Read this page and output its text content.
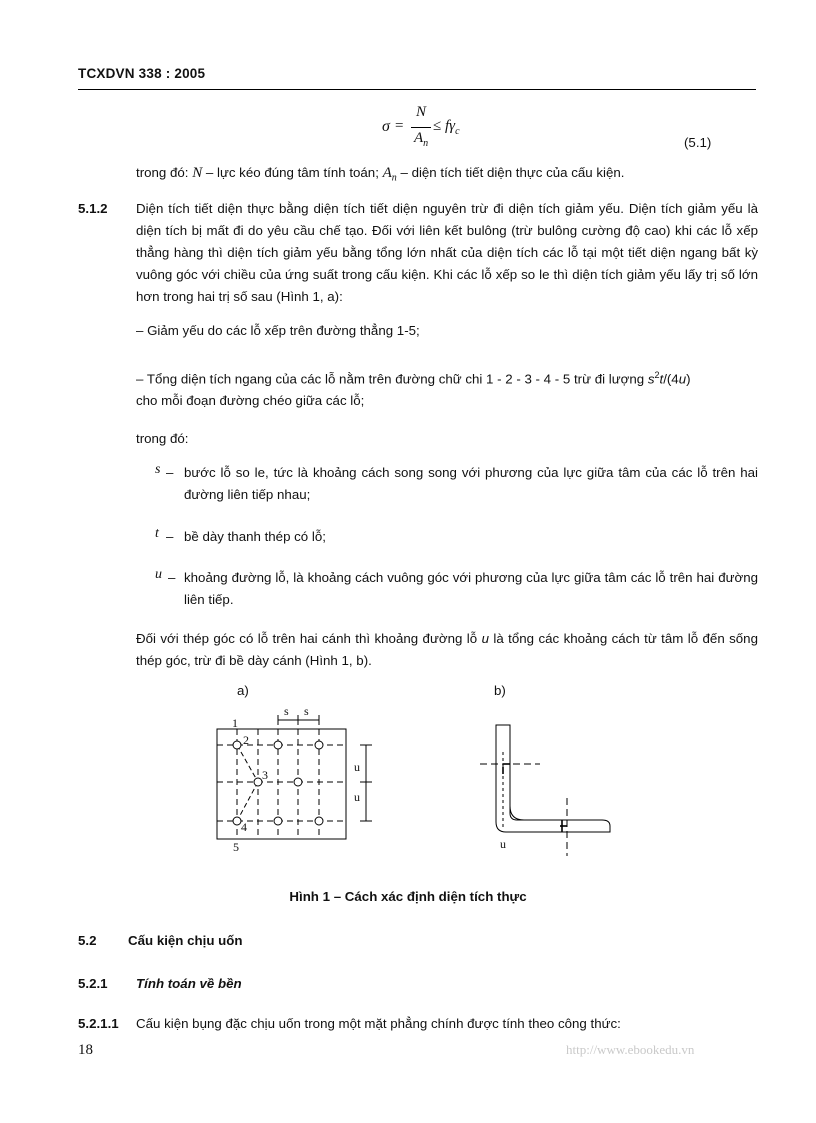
TCXDVN 338 : 2005
σ =
N
$A_n$
≤ $f\gamma_c$
(5.1)
trong đó: N – lực kéo đúng tâm tính toán; $A_n$ – diện tích tiết diện thực của cấu kiện.
5.1.2 Diện tích tiết diện thực bằng diện tích tiết diện nguyên trừ đi diện tích giảm yếu. Diện tích giảm yếu là diện tích bị mất đi do yêu cầu chế tạo. Đối với liên kết bulông (trừ bulông cường độ cao) khi các lỗ xếp thẳng hàng thì diện tích giảm yếu bằng tổng lớn nhất của diện tích các lỗ tại một tiết diện ngang bất kỳ vuông góc với chiều của ứng suất trong cấu kiện. Khi các lỗ xếp so le thì diện tích giảm yếu lấy trị số lớn hơn trong hai trị số sau (Hình 1, a):
– Giảm yếu do các lỗ xếp trên đường thẳng 1-5;
– Tổng diện tích ngang của các lỗ nằm trên đường chữ chi 1 - 2 - 3 - 4 - 5 trừ đi lượng $s^2t/(4u)$
cho mỗi đoạn đường chéo giữa các lỗ;
trong đó:
s – bước lỗ so le, tức là khoảng cách song song với phương của lực giữa tâm của các lỗ trên hai đường liên tiếp nhau;
t – bề dày thanh thép có lỗ;
u – khoảng đường lỗ, là khoảng cách vuông góc với phương của lực giữa tâm các lỗ trên hai đường liên tiếp.
Đối với thép góc có lỗ trên hai cánh thì khoảng đường lỗ u là tổng các khoảng cách từ tâm lỗ đến sống thép góc, trừ đi bề dày cánh (Hình 1, b).
a)	b)
s s
u
u
1
2
3
4
5	u
Hình 1 – Cách xác định diện tích thực
5.2 Cấu kiện chịu uốn
5.2.1 Tính toán về bền
5.2.1.1 Cấu kiện bụng đặc chịu uốn trong một mặt phẳng chính được tính theo công thức:
18	http://www.ebookedu.vn
